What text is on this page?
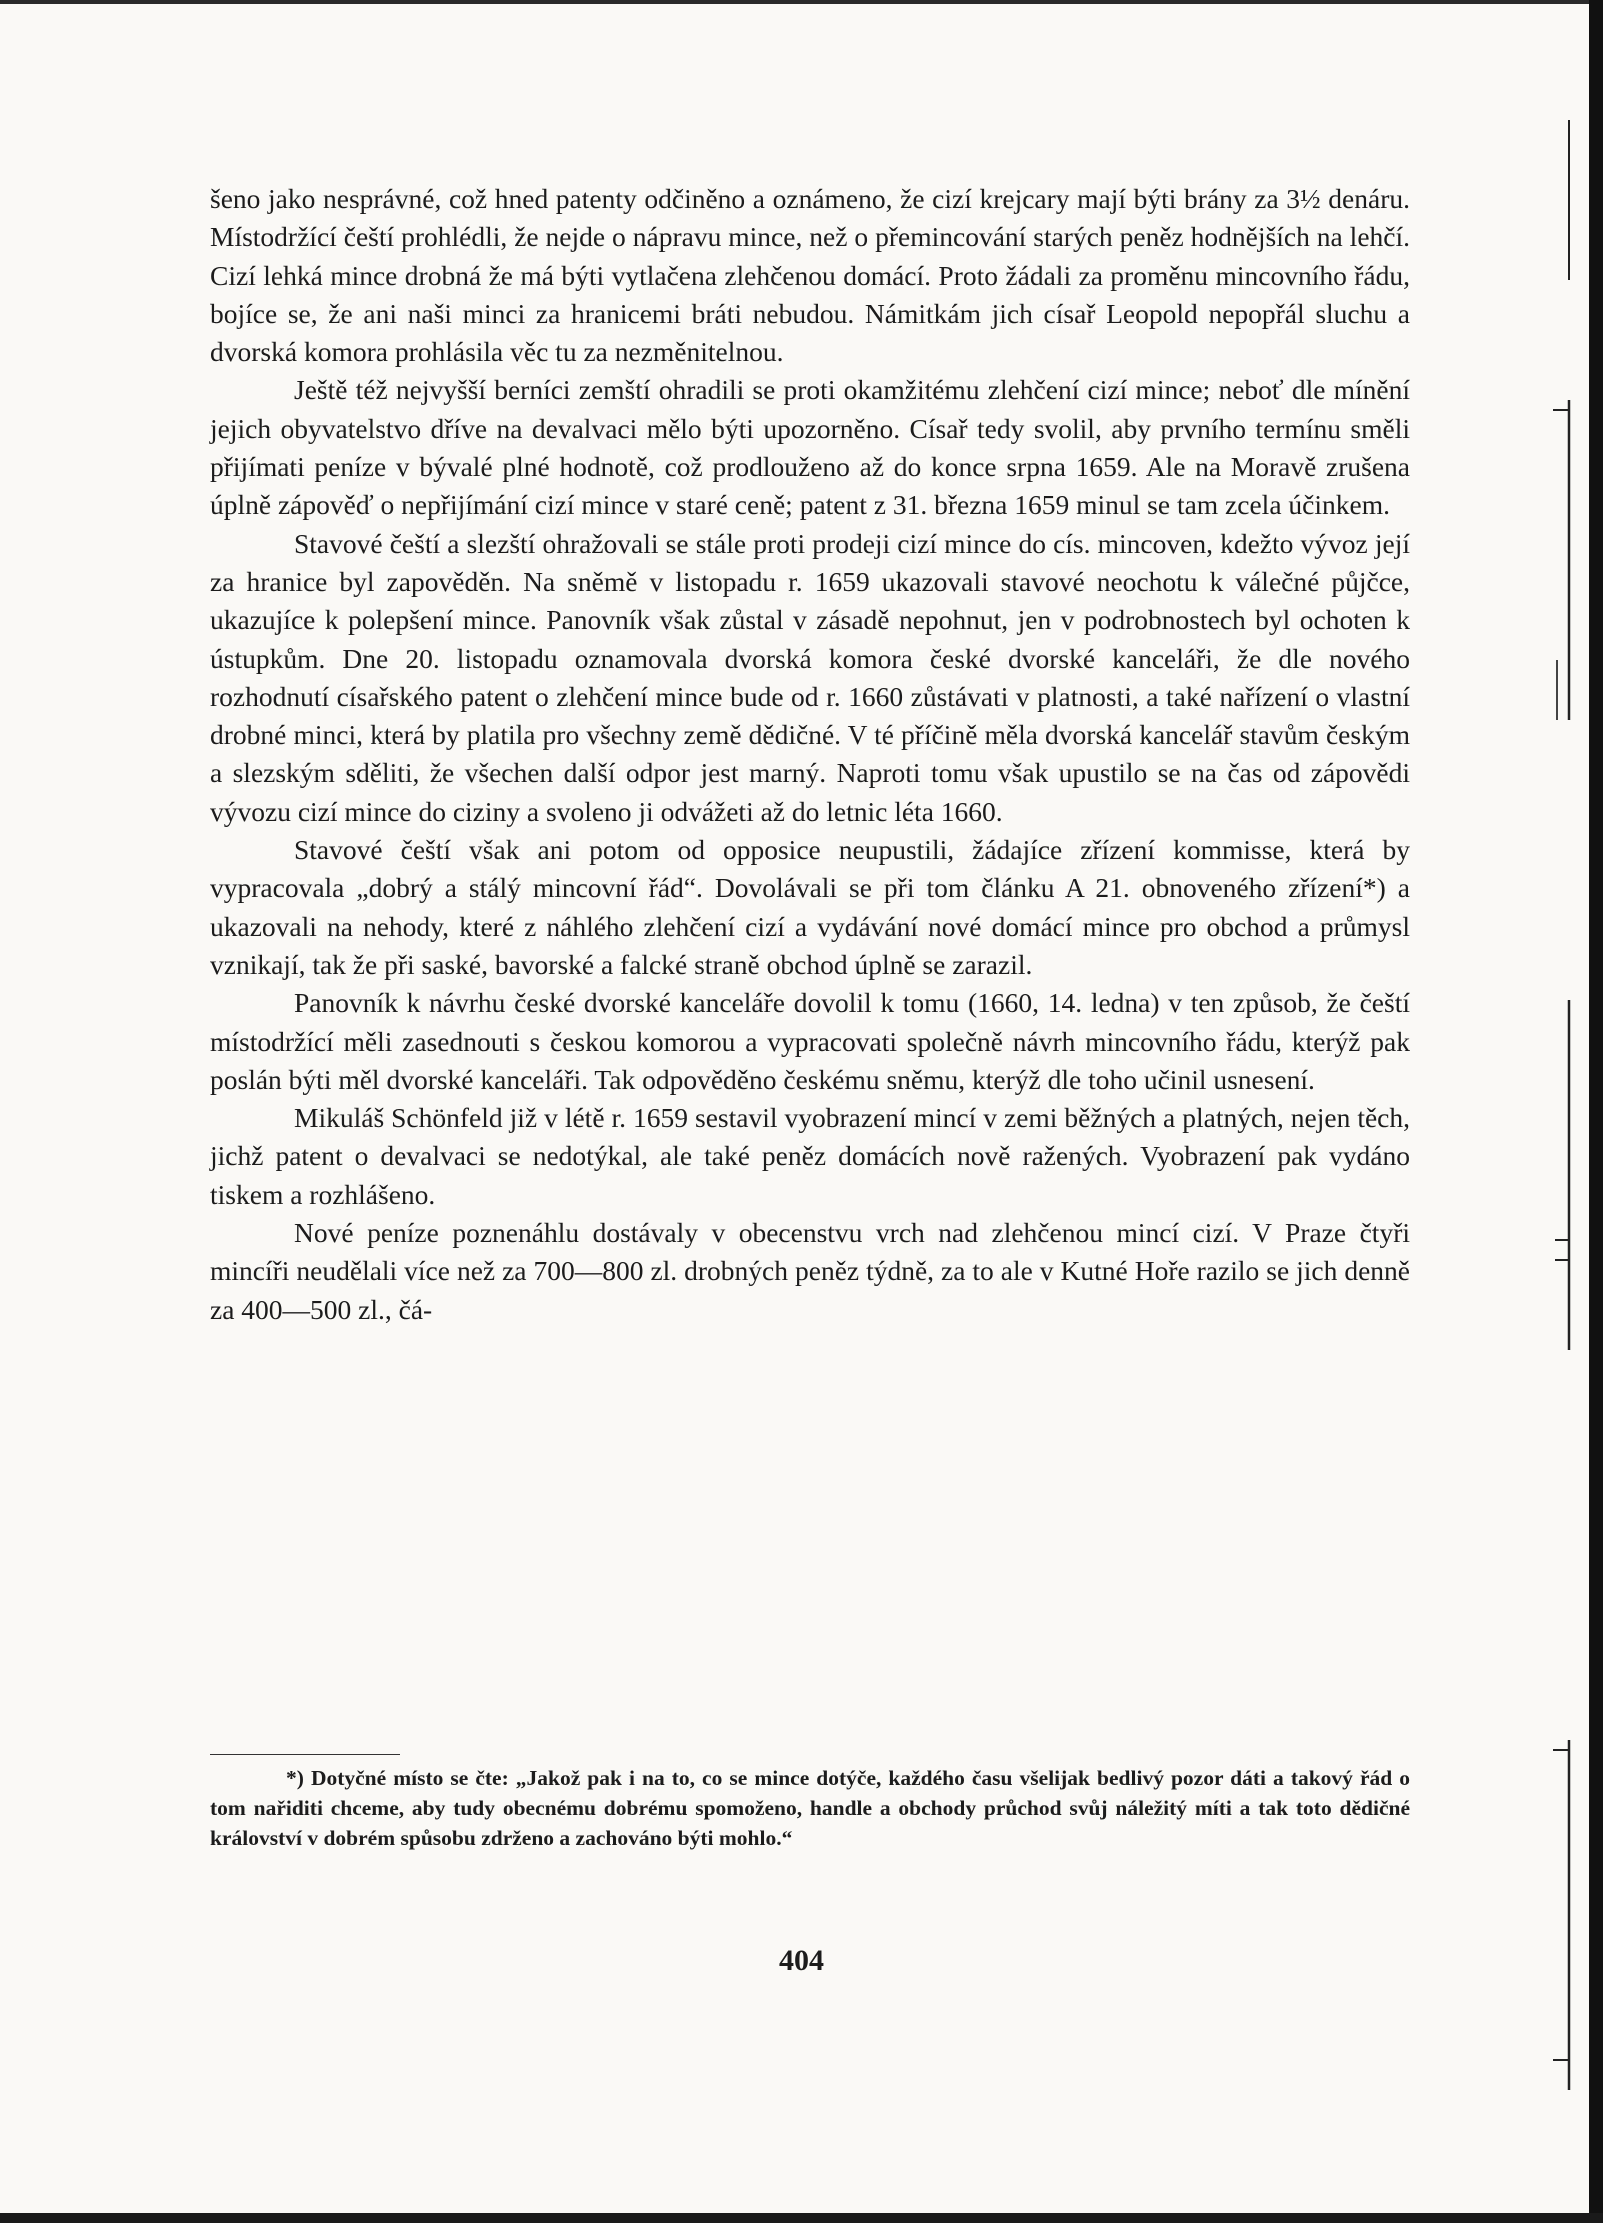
šeno jako nesprávné, což hned patenty odčiněno a oznámeno, že cizí krejcary mají býti brány za 3½ denáru. Místodržící čeští prohlédli, že nejde o nápravu mince, než o přemincování starých peněz hodnějších na lehčí. Cizí lehká mince drobná že má býti vytlačena zlehčenou domácí. Proto žádali za proměnu mincovního řádu, bojíce se, že ani naši minci za hranicemi bráti nebudou. Námitkám jich císař Leopold nepopřál sluchu a dvorská komora prohlásila věc tu za nezměnitelnou.

Ještě též nejvyšší berníci zemští ohradili se proti okamžitému zlehčení cizí mince; neboť dle mínění jejich obyvatelstvo dříve na devalvaci mělo býti upozorněno. Císař tedy svolil, aby prvního termínu směli přijímati peníze v bývalé plné hodnotě, což prodlouženo až do konce srpna 1659. Ale na Moravě zrušena úplně zápověď o nepřijímání cizí mince v staré ceně; patent z 31. března 1659 minul se tam zcela účinkem.

Stavové čeští a slezští ohražovali se stále proti prodeji cizí mince do cís. mincoven, kdežto vývoz její za hranice byl zapověděn. Na sněmě v listopadu r. 1659 ukazovali stavové neochotu k válečné půjčce, ukazujíce k polepšení mince. Panovník však zůstal v zásadě nepohnut, jen v podrobnostech byl ochoten k ústupkům. Dne 20. listopadu oznamovala dvorská komora české dvorské kanceláři, že dle nového rozhodnutí císařského patent o zlehčení mince bude od r. 1660 zůstávati v platnosti, a také nařízení o vlastní drobné minci, která by platila pro všechny země dědičné. V té příčině měla dvorská kancelář stavům českým a slezským sděliti, že všechen další odpor jest marný. Naproti tomu však upustilo se na čas od zápovědi vývozu cizí mince do ciziny a svoleno ji odvážeti až do letnic léta 1660.

Stavové čeští však ani potom od opposice neupustili, žádajíce zřízení kommisse, která by vypracovala „dobrý a stálý mincovní řád“. Dovolávali se při tom článku A 21. obnoveného zřízení*) a ukazovali na nehody, které z náhlého zlehčení cizí a vydávání nové domácí mince pro obchod a průmysl vznikají, tak že při saské, bavorské a falcké straně obchod úplně se zarazil.

Panovník k návrhu české dvorské kanceláře dovolil k tomu (1660, 14. ledna) v ten způsob, že čeští místodržící měli zasednouti s českou komorou a vypracovati společně návrh mincovního řádu, kterýž pak poslán býti měl dvorské kanceláři. Tak odpověděno českému sněmu, kterýž dle toho učinil usnesení.

Mikuláš Schönfeld již v létě r. 1659 sestavil vyobrazení mincí v zemi běžných a platných, nejen těch, jichž patent o devalvaci se nedotýkal, ale také peněz domácích nově ražených. Vyobrazení pak vydáno tiskem a rozhlášeno.

Nové peníze poznenáhlu dostávaly v obecenstvu vrch nad zlehčenou mincí cizí. V Praze čtyři mincíři neudělali více než za 700—800 zl. drobných peněz týdně, za to ale v Kutné Hoře razilo se jich denně za 400—500 zl., čá-

*) Dotyčné místo se čte: „Jakož pak i na to, co se mince dotýče, každého času všelijak bedlivý pozor dáti a takový řád o tom nařiditi chceme, aby tudy obecnému dobrému spomoženo, handle a obchody průchod svůj náležitý míti a tak toto dědičné království v dobrém spůsobu zdrženo a zachováno býti mohlo.“

404
